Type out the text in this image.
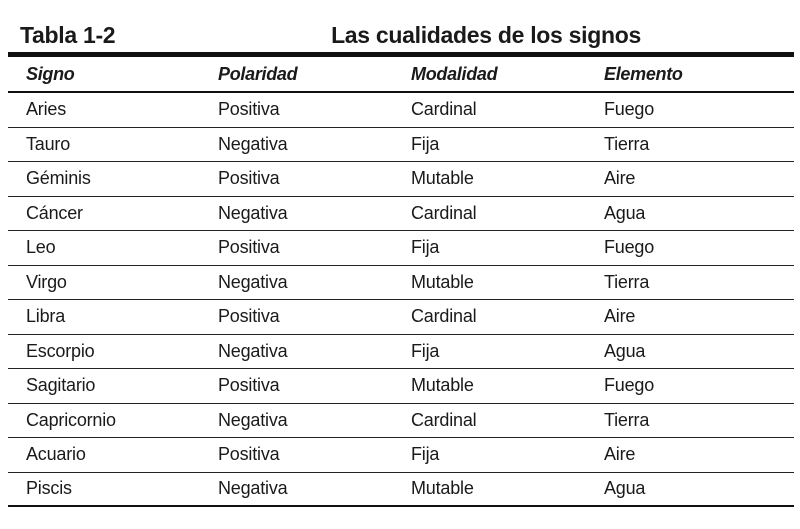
Tabla 1-2	Las cualidades de los signos
Signo	Polaridad	Modalidad	Elemento
Aries	Positiva	Cardinal	Fuego
Tauro	Negativa	Fija	Tierra
Géminis	Positiva	Mutable	Aire
Cáncer	Negativa	Cardinal	Agua
Leo	Positiva	Fija	Fuego
Virgo	Negativa	Mutable	Tierra
Libra	Positiva	Cardinal	Aire
Escorpio	Negativa	Fija	Agua
Sagitario	Positiva	Mutable	Fuego
Capricornio	Negativa	Cardinal	Tierra
Acuario	Positiva	Fija	Aire
Piscis	Negativa	Mutable	Agua
